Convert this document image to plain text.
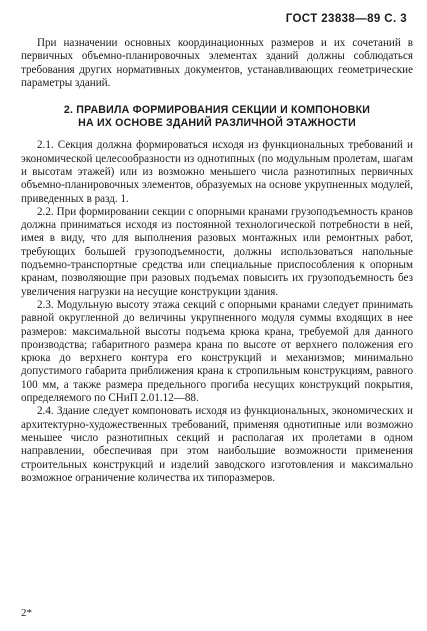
ГОСТ 23838—89 С. 3

При назначении основных координационных размеров и их сочетаний в первичных объемно-планировочных элементах зданий должны соблюдаться требования других нормативных документов, устанавливающих геометрические параметры зданий.

2. ПРАВИЛА ФОРМИРОВАНИЯ СЕКЦИИ И КОМПОНОВКИ
НА ИХ ОСНОВЕ ЗДАНИЙ РАЗЛИЧНОЙ ЭТАЖНОСТИ

2.1. Секция должна формироваться исходя из функциональных требований и экономической целесообразности из однотипных (по модульным пролетам, шагам и высотам этажей) или из возможно меньшего числа разнотипных первичных объемно-планировочных элементов, образуемых на основе укрупненных модулей, приведенных в разд. 1.

2.2. При формировании секции с опорными кранами грузоподъемность кранов должна приниматься исходя из постоянной технологической потребности в ней, имея в виду, что для выполнения разовых монтажных или ремонтных работ, требующих большей грузоподъемности, должны использоваться напольные подъемно-транспортные средства или специальные приспособления к опорным кранам, позволяющие при разовых подъемах повысить их грузоподъемность без увеличения нагрузки на несущие конструкции здания.

2.3. Модульную высоту этажа секций с опорными кранами следует принимать равной округленной до величины укрупненного модуля суммы входящих в нее размеров: максимальной высоты подъема крюка крана, требуемой для данного производства; габаритного размера крана по высоте от верхнего положения его крюка до верхнего контура его конструкций и механизмов; минимально допустимого габарита приближения крана к стропильным конструкциям, равного 100 мм, а также размера предельного прогиба несущих конструкций покрытия, определяемого по СНиП 2.01.12—88.

2.4. Здание следует компоновать исходя из функциональных, экономических и архитектурно-художественных требований, применяя однотипные или возможно меньшее число разнотипных секций и располагая их пролетами в одном направлении, обеспечивая при этом наибольшие возможности применения строительных конструкций и изделий заводского изготовления и максимально возможное ограничение количества их типоразмеров.

2*
